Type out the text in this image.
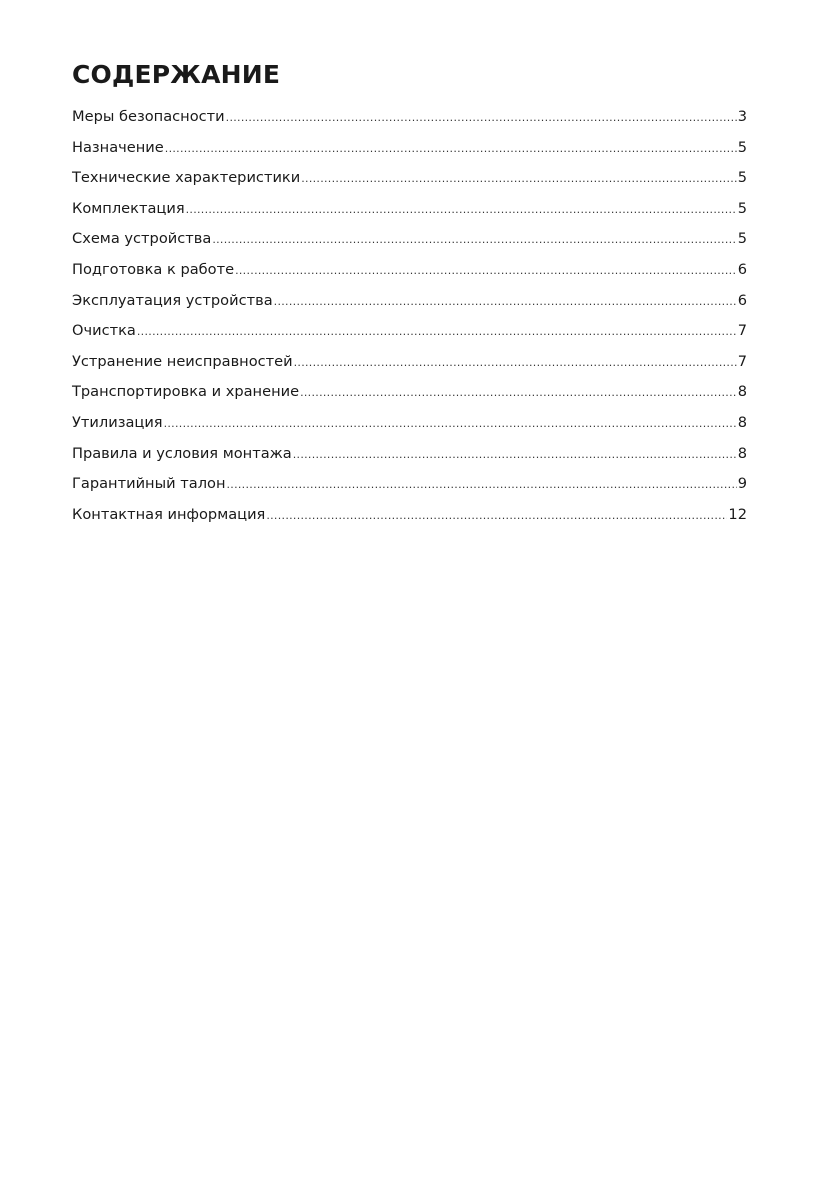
СОДЕРЖАНИЕ
Меры безопасности .....	3
Назначение .....	5
Технические характеристики .....	5
Комплектация .....	5
Схема устройства .....	5
Подготовка к работе .....	6
Эксплуатация устройства .....	6
Очистка .....	7
Устранение неисправностей .....	7
Транспортировка и хранение .....	8
Утилизация .....	8
Правила и условия монтажа .....	8
Гарантийный талон .....	9
Контактная информация .....	12
